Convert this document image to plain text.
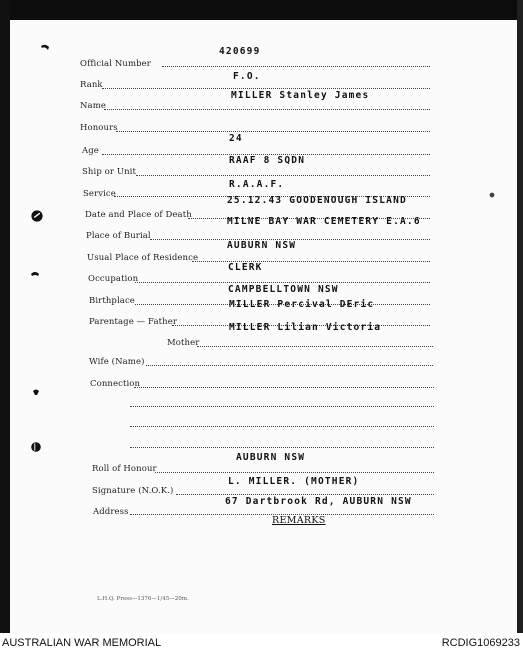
Official Number
420699
Rank
F.O.
Name
MILLER Stanley James
Honours
Age
24
Ship or Unit
RAAF 8 SQDN
Service
R.A.A.F.
Date and Place of Death
25.12.43 GOODENOUGH ISLAND
Place of Burial
MILNE BAY WAR CEMETERY E.A.6
Usual Place of Residence
AUBURN NSW
Occupation
CLERK
Birthplace
CAMPBELLTOWN NSW
Parentage — Father
MILLER Percival DEric
Mother
MILLER Lilian Victoria
Wife (Name)
Connection
Roll of Honour
AUBURN NSW
Signature (N.O.K.)
L. MILLER. (MOTHER)
Address
67 Dartbrook Rd, AUBURN NSW
REMARKS
L.H.Q. Press—1376—1/45—20m.
AUSTRALIAN WAR MEMORIAL	RCDIG1069233
